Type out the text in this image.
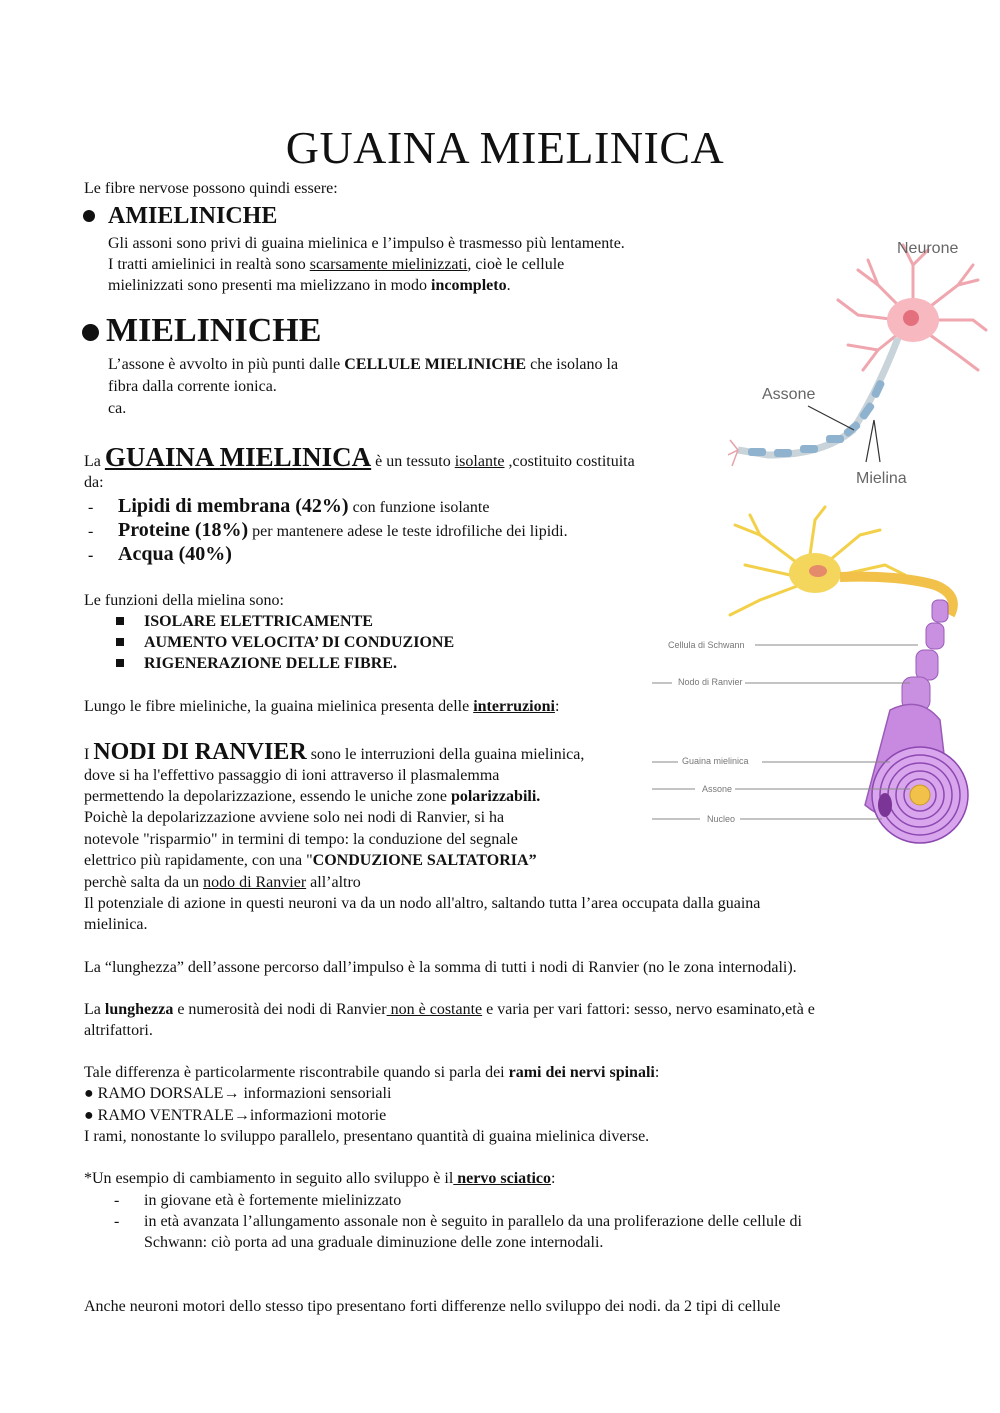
GUAINA MIELINICA
Le fibre nervose possono quindi essere:
AMIELINICHE
Gli assoni sono privi di guaina mielinica e l’impulso è trasmesso più lentamente.
I tratti amielinici in realtà sono scarsamente mielinizzati, cioè le cellule
mielinizzati sono presenti ma mielizzano in modo incompleto.
MIELINICHE
L’assone è avvolto in più punti dalle CELLULE MIELINICHE che isolano la
fibra dalla corrente ionica.
ca.
La GUAINA MIELINICA è un tessuto isolante ,costituito costituita
da:
- Lipidi di membrana (42%) con funzione isolante
- Proteine (18%) per mantenere adese le teste idrofiliche dei lipidi.
- Acqua (40%)
Le funzioni della mielina sono:
ISOLARE ELETTRICAMENTE
AUMENTO VELOCITA’ DI CONDUZIONE
RIGENERAZIONE DELLE FIBRE.
Lungo le fibre mieliniche, la guaina mielinica presenta delle interruzioni:
I NODI DI RANVIER sono le interruzioni della guaina mielinica,
dove si ha l'effettivo passaggio di ioni attraverso il plasmalemma
permettendo la depolarizzazione, essendo le uniche zone polarizzabili.
Poichè la depolarizzazione avviene solo nei nodi di Ranvier, si ha
notevole "risparmio" in termini di tempo: la conduzione del segnale
elettrico più rapidamente, con una "CONDUZIONE SALTATORIA”
perchè salta da un nodo di Ranvier all’altro
Il potenziale di azione in questi neuroni va da un nodo all'altro, saltando tutta l’area occupata dalla guaina
mielinica.
La “lunghezza” dell’assone percorso dall’impulso è la somma di tutti i nodi di Ranvier (no le zona internodali).
La lunghezza e numerosità dei nodi di Ranvier non è costante e varia per vari fattori: sesso, nervo esaminato,età e
altrifattori.
Tale differenza è particolarmente riscontrabile quando si parla dei rami dei nervi spinali:
● RAMO DORSALE→ informazioni sensoriali
● RAMO VENTRALE→informazioni motorie
I rami, nonostante lo sviluppo parallelo, presentano quantità di guaina mielinica diverse.
*Un esempio di cambiamento in seguito allo sviluppo è il nervo sciatico:
- in giovane età è fortemente mielinizzato
- in età avanzata l’allungamento assonale non è seguito in parallelo da una proliferazione delle cellule di
Schwann: ciò porta ad una graduale diminuzione delle zone internodali.
Anche neuroni motori dello stesso tipo presentano forti differenze nello sviluppo dei nodi. da 2 tipi di cellule
Neurone
Assone
Mielina
Cellula di Schwann
Nodo di Ranvier
Guaina mielinica
Assone
Nucleo
